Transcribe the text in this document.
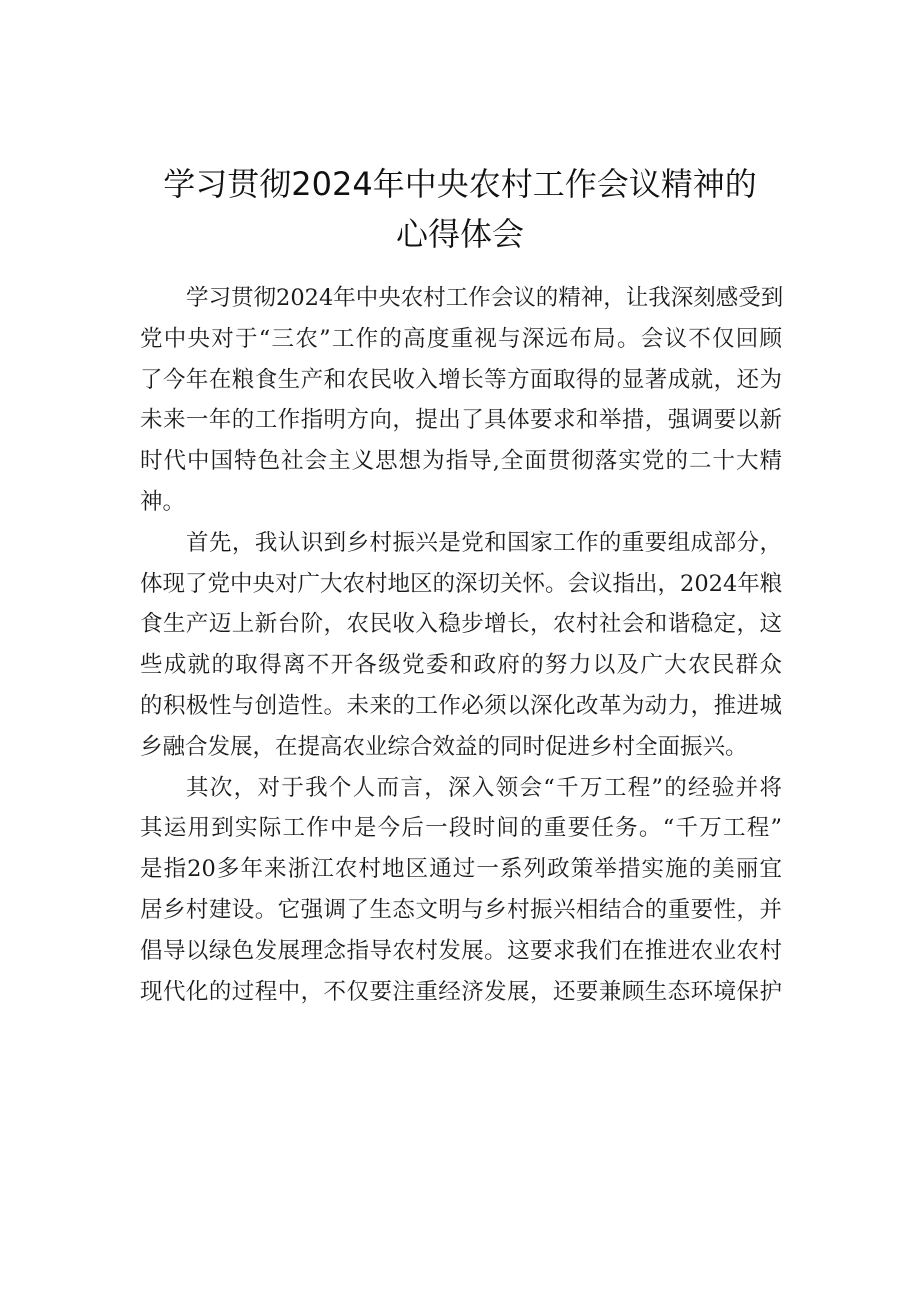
学习贯彻2024年中央农村工作会议精神的
心得体会
学习贯彻2024年中央农村工作会议的精神，让我深刻感受到
党中央对于“三农”工作的高度重视与深远布局。会议不仅回顾
了今年在粮食生产和农民收入增长等方面取得的显著成就，还为
未来一年的工作指明方向，提出了具体要求和举措，强调要以新
时代中国特色社会主义思想为指导,全面贯彻落实党的二十大精
神。
首先，我认识到乡村振兴是党和国家工作的重要组成部分，
体现了党中央对广大农村地区的深切关怀。会议指出，2024年粮
食生产迈上新台阶，农民收入稳步增长，农村社会和谐稳定，这
些成就的取得离不开各级党委和政府的努力以及广大农民群众
的积极性与创造性。未来的工作必须以深化改革为动力，推进城
乡融合发展，在提高农业综合效益的同时促进乡村全面振兴。
其次，对于我个人而言，深入领会“千万工程”的经验并将
其运用到实际工作中是今后一段时间的重要任务。“千万工程”
是指20多年来浙江农村地区通过一系列政策举措实施的美丽宜
居乡村建设。它强调了生态文明与乡村振兴相结合的重要性，并
倡导以绿色发展理念指导农村发展。这要求我们在推进农业农村
现代化的过程中，不仅要注重经济发展，还要兼顾生态环境保护
